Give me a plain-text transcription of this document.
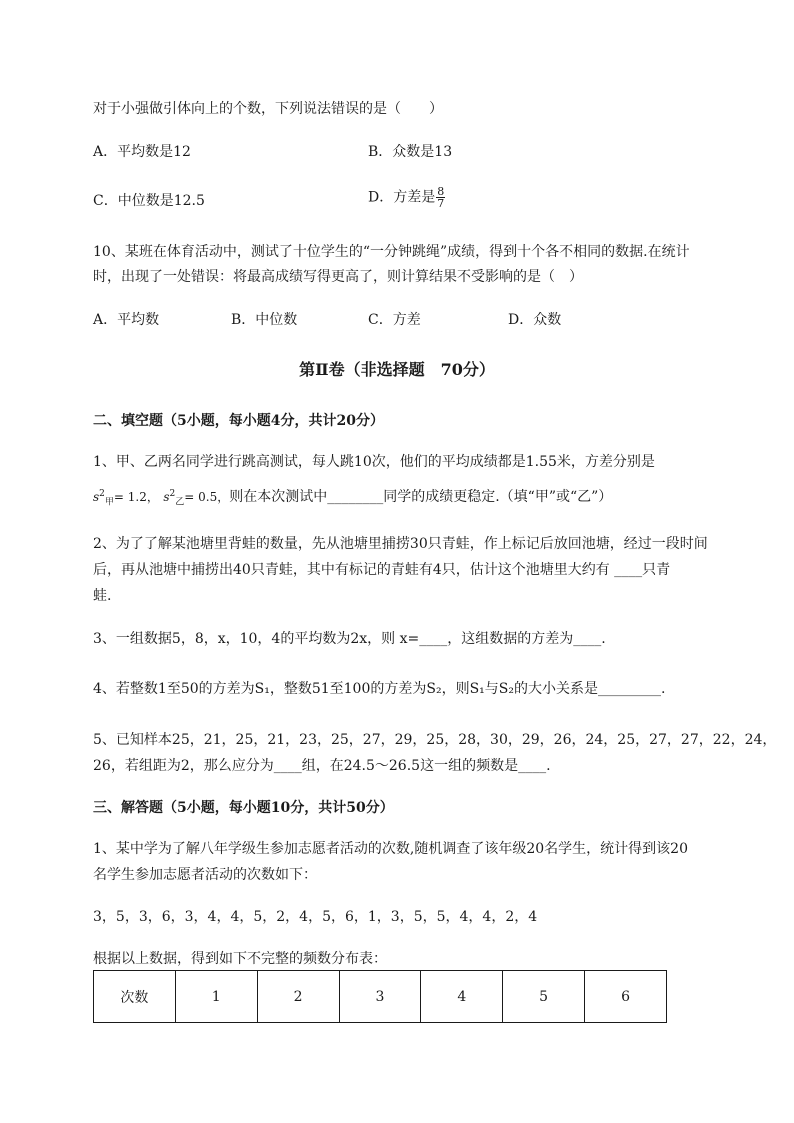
对于小强做引体向上的个数，下列说法错误的是（　　）
A．平均数是12	B．众数是13
C．中位数是12.5	D．方差是 $\frac{8}{7}$
10、某班在体育活动中，测试了十位学生的“一分钟跳绳”成绩，得到十个各不相同的数据.在统计
时，出现了一处错误：将最高成绩写得更高了，则计算结果不受影响的是（　）
A．平均数	B．中位数	C．方差	D．众数
第Ⅱ卷（非选择题　70分）
二、填空题（5小题，每小题4分，共计20分）
1、甲、乙两名同学进行跳高测试，每人跳10次，他们的平均成绩都是1.55米，方差分别是
$s^2_甲= 1.2$， $s^2_乙= 0.5$，则在本次测试中________同学的成绩更稳定.（填“甲”或“乙”）
2、为了了解某池塘里背蛙的数量，先从池塘里捕捞30只青蛙，作上标记后放回池塘，经过一段时间
后，再从池塘中捕捞出40只青蛙，其中有标记的青蛙有4只，估计这个池塘里大约有 ____只青
蛙.
3、一组数据5，8，x，10，4的平均数为2x，则 x=____，这组数据的方差为____.
4、若整数1至50的方差为S₁，整数51至100的方差为S₂，则S₁与S₂的大小关系是_________.
5、已知样本25，21，25，21，23，25，27，29，25，28，30，29，26，24，25，27，27，22，24，
26，若组距为2，那么应分为____组，在24.5～26.5这一组的频数是____.
三、解答题（5小题，每小题10分，共计50分）
1、某中学为了解八年学级生参加志愿者活动的次数,随机调查了该年级20名学生，统计得到该20
名学生参加志愿者活动的次数如下：
3，5，3，6，3，4，4，5，2，4，5，6，1，3，5，5，4，4，2，4
根据以上数据，得到如下不完整的频数分布表：
次数	1	2	3	4	5	6
